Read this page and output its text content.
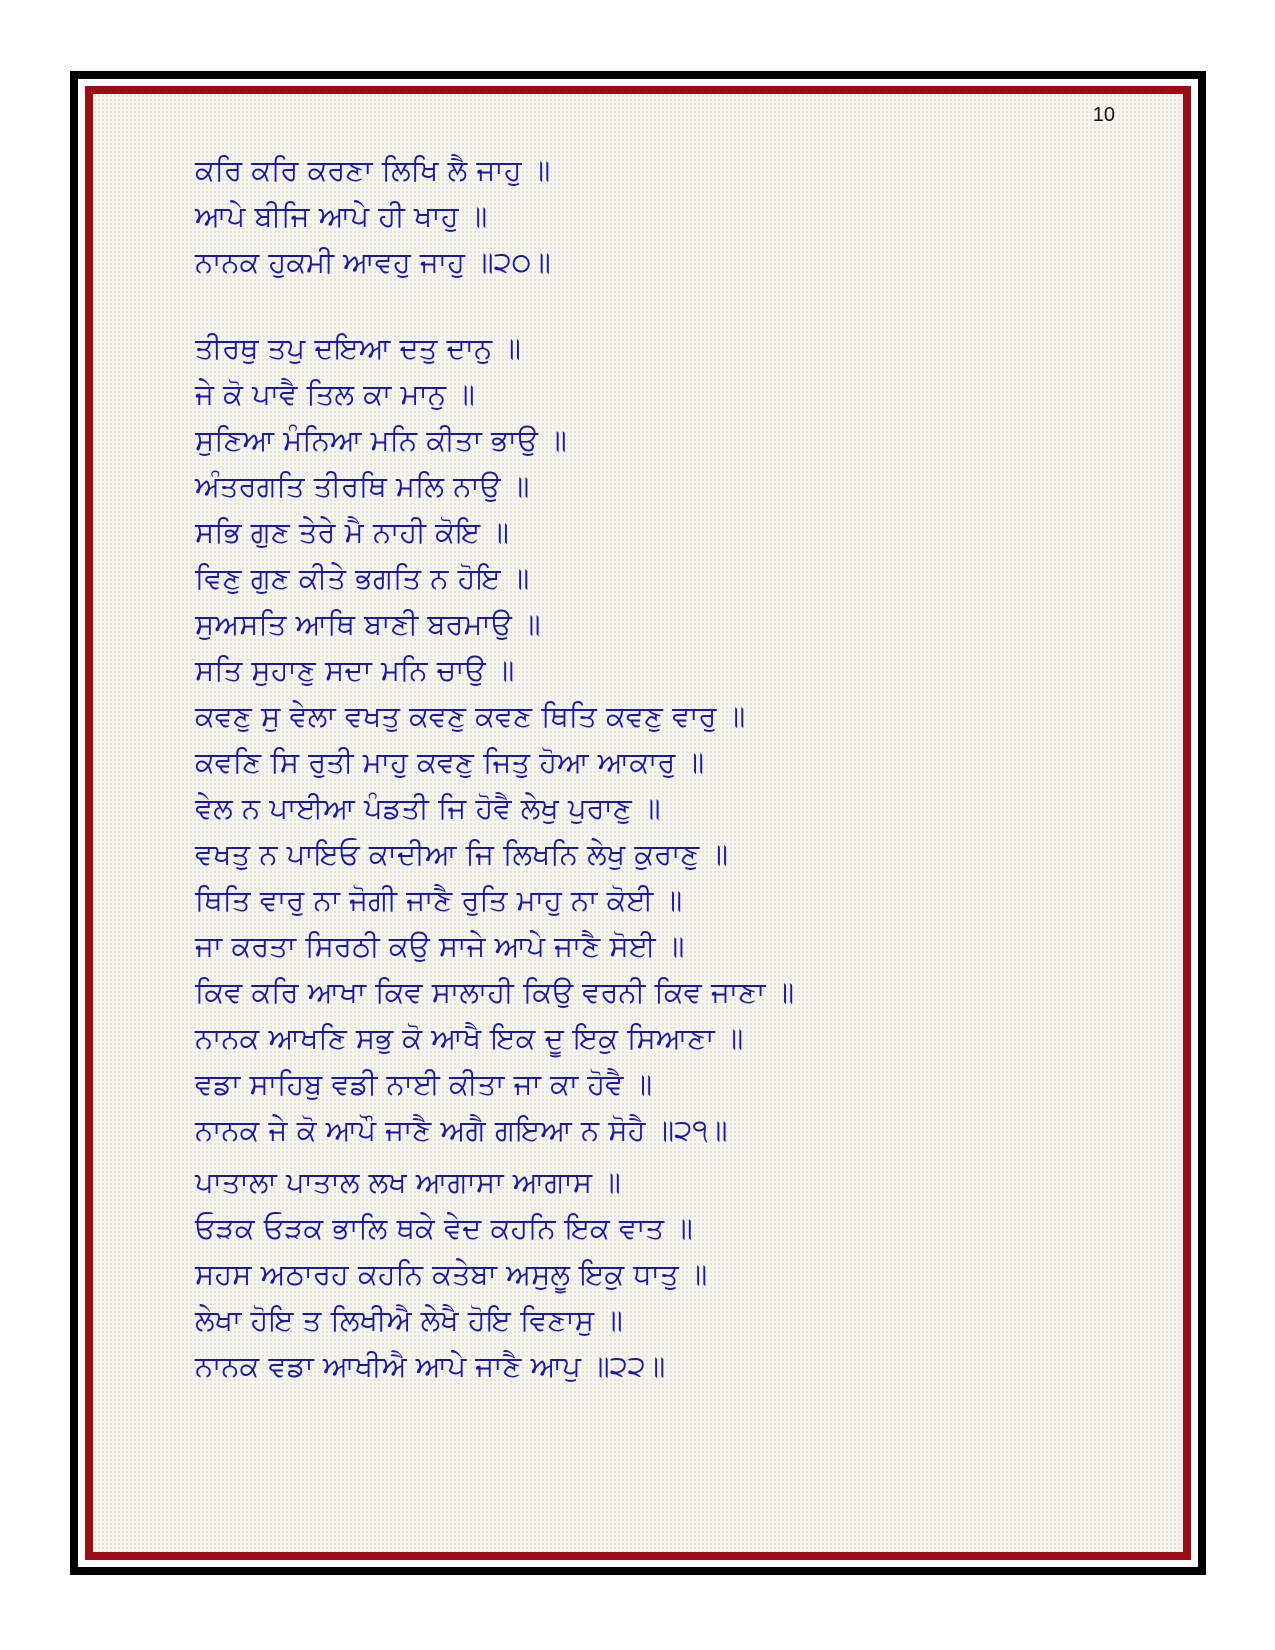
10
ਕਰਿ ਕਰਿ ਕਰਣਾ ਲਿਖਿ ਲੈ ਜਾਹੁ ॥
ਆਪੇ ਬੀਜਿ ਆਪੇ ਹੀ ਖਾਹੁ ॥
ਨਾਨਕ ਹੁਕਮੀ ਆਵਹੁ ਜਾਹੁ ॥੨੦॥
ਤੀਰਥੁ ਤਪੁ ਦਇਆ ਦਤੁ ਦਾਨੁ ॥
ਜੇ ਕੋ ਪਾਵੈ ਤਿਲ ਕਾ ਮਾਨੁ ॥
ਸੁਣਿਆ ਮੰਨਿਆ ਮਨਿ ਕੀਤਾ ਭਾਉ ॥
ਅੰਤਰਗਤਿ ਤੀਰਥਿ ਮਲਿ ਨਾਉ ॥
ਸਭਿ ਗੁਣ ਤੇਰੇ ਮੈ ਨਾਹੀ ਕੋਇ ॥
ਵਿਣੁ ਗੁਣ ਕੀਤੇ ਭਗਤਿ ਨ ਹੋਇ ॥
ਸੁਅਸਤਿ ਆਥਿ ਬਾਣੀ ਬਰਮਾਉ ॥
ਸਤਿ ਸੁਹਾਣੁ ਸਦਾ ਮਨਿ ਚਾਉ ॥
ਕਵਣੁ ਸੁ ਵੇਲਾ ਵਖਤੁ ਕਵਣੁ ਕਵਣ ਥਿਤਿ ਕਵਣੁ ਵਾਰੁ ॥
ਕਵਣਿ ਸਿ ਰੁਤੀ ਮਾਹੁ ਕਵਣੁ ਜਿਤੁ ਹੋਆ ਆਕਾਰੁ ॥
ਵੇਲ ਨ ਪਾਈਆ ਪੰਡਤੀ ਜਿ ਹੋਵੈ ਲੇਖੁ ਪੁਰਾਣੁ ॥
ਵਖਤੁ ਨ ਪਾਇਓ ਕਾਦੀਆ ਜਿ ਲਿਖਨਿ ਲੇਖੁ ਕੁਰਾਣੁ ॥
ਥਿਤਿ ਵਾਰੁ ਨਾ ਜੋਗੀ ਜਾਣੈ ਰੁਤਿ ਮਾਹੁ ਨਾ ਕੋਈ ॥
ਜਾ ਕਰਤਾ ਸਿਰਠੀ ਕਉ ਸਾਜੇ ਆਪੇ ਜਾਣੈ ਸੋਈ ॥
ਕਿਵ ਕਰਿ ਆਖਾ ਕਿਵ ਸਾਲਾਹੀ ਕਿਉ ਵਰਨੀ ਕਿਵ ਜਾਣਾ ॥
ਨਾਨਕ ਆਖਣਿ ਸਭੁ ਕੋ ਆਖੈ ਇਕ ਦੂ ਇਕੁ ਸਿਆਣਾ ॥
ਵਡਾ ਸਾਹਿਬੁ ਵਡੀ ਨਾਈ ਕੀਤਾ ਜਾ ਕਾ ਹੋਵੈ ॥
ਨਾਨਕ ਜੇ ਕੋ ਆਪੌ ਜਾਣੈ ਅਗੈ ਗਇਆ ਨ ਸੋਹੈ ॥੨੧॥
ਪਾਤਾਲਾ ਪਾਤਾਲ ਲਖ ਆਗਾਸਾ ਆਗਾਸ ॥
ਓੜਕ ਓੜਕ ਭਾਲਿ ਥਕੇ ਵੇਦ ਕਹਨਿ ਇਕ ਵਾਤ ॥
ਸਹਸ ਅਠਾਰਹ ਕਹਨਿ ਕਤੇਬਾ ਅਸੁਲੂ ਇਕੁ ਧਾਤੁ ॥
ਲੇਖਾ ਹੋਇ ਤ ਲਿਖੀਐ ਲੇਖੈ ਹੋਇ ਵਿਣਾਸੁ ॥
ਨਾਨਕ ਵਡਾ ਆਖੀਐ ਆਪੇ ਜਾਣੈ ਆਪੁ ॥੨੨॥
